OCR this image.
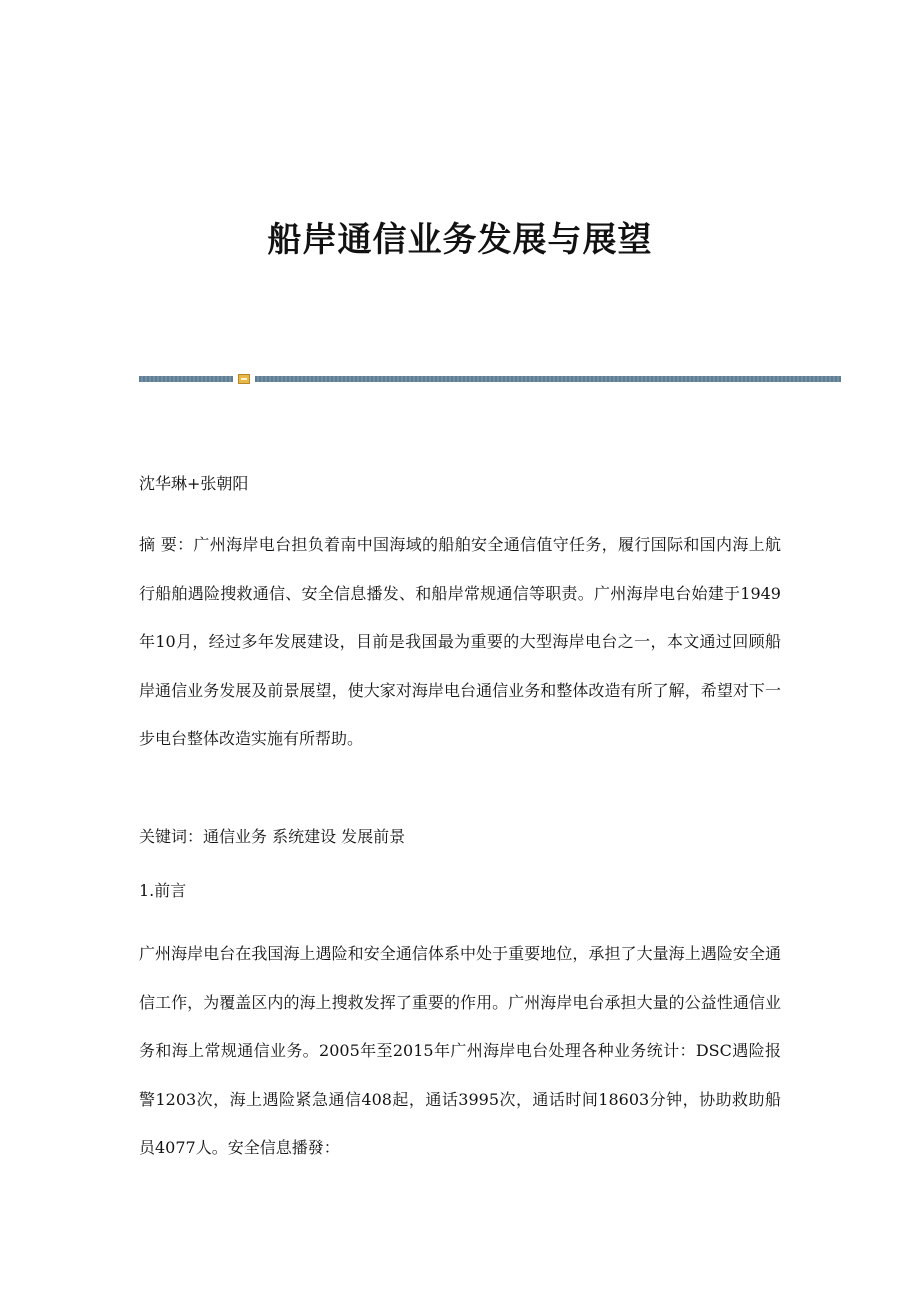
船岸通信业务发展与展望
沈华琳+张朝阳
摘 要：广州海岸电台担负着南中国海域的船舶安全通信值守任务，履行国际和国内海上航行船舶遇险搜救通信、安全信息播发、和船岸常规通信等职责。广州海岸电台始建于1949年10月，经过多年发展建设，目前是我国最为重要的大型海岸电台之一，本文通过回顾船岸通信业务发展及前景展望，使大家对海岸电台通信业务和整体改造有所了解，希望对下一步电台整体改造实施有所帮助。
关键词：通信业务 系统建设 发展前景
1.前言
广州海岸电台在我国海上遇险和安全通信体系中处于重要地位，承担了大量海上遇险安全通信工作，为覆盖区内的海上搜救发挥了重要的作用。广州海岸电台承担大量的公益性通信业务和海上常规通信业务。2005年至2015年广州海岸电台处理各种业务统计：DSC遇险报警1203次，海上遇险紧急通信408起，通话3995次，通话时间18603分钟，协助救助船员4077人。安全信息播發：
